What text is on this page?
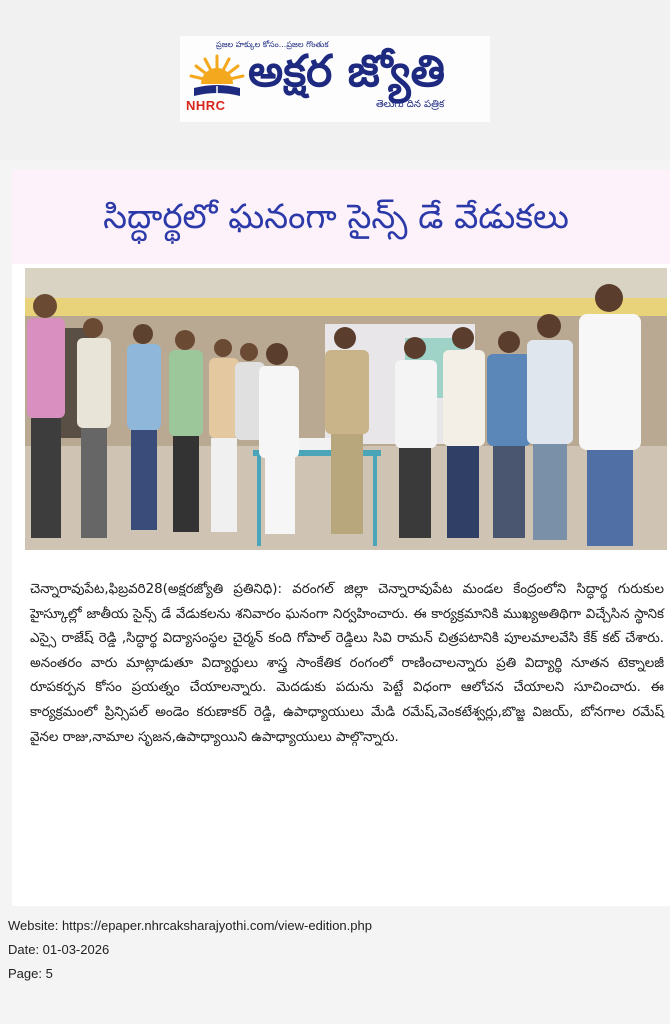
ప్రజల హక్కుల కోసం...ప్రజల గొంతుక
NHRC
అక్షర జ్యోతి
తెలుగు దిన పత్రిక
సిద్ధార్థలో ఘనంగా సైన్స్ డే వేడుకలు
చెన్నారావుపేట,ఫిబ్రవరి28(అక్షరజ్యోతి ప్రతినిధి): వరంగల్ జిల్లా చెన్నారావుపేట మండల కేంద్రంలోని సిద్ధార్థ గురుకుల హైస్కూల్లో జాతీయ సైన్స్ డే వేడుకలను శనివారం ఘనంగా నిర్వహించారు. ఈ కార్యక్రమానికి ముఖ్యఅతిథిగా విచ్చేసిన స్థానిక ఎస్సై రాజేష్ రెడ్డి ,సిద్ధార్థ విద్యాసంస్థల చైర్మన్ కంది గోపాల్ రెడ్డిలు సివి రామన్ చిత్రపటానికి పూలమాలవేసి కేక్ కట్ చేశారు. అనంతరం వారు మాట్లాడుతూ విద్యార్థులు శాస్త్ర సాంకేతిక రంగంలో రాణించాలన్నారు ప్రతి విద్యార్థి నూతన టెక్నాలజీ రూపకర్పన కోసం ప్రయత్నం చేయాలన్నారు. మెదడుకు పదును పెట్టే విధంగా ఆలోచన చేయాలని సూచించారు. ఈ కార్యక్రమంలో ప్రిన్సిపల్ అండెం కరుణాకర్ రెడ్డి, ఉపాధ్యాయులు మేడి రమేష్,వెంకటేశ్వర్లు,బొజ్జ విజయ్, బోనగాల రమేష్ వైనల రాజు,నామాల సృజన,ఉపాధ్యాయిని ఉపాధ్యాయులు పాల్గొన్నారు.
Website: https://epaper.nhrcaksharajyothi.com/view-edition.php
Date: 01-03-2026
Page: 5
